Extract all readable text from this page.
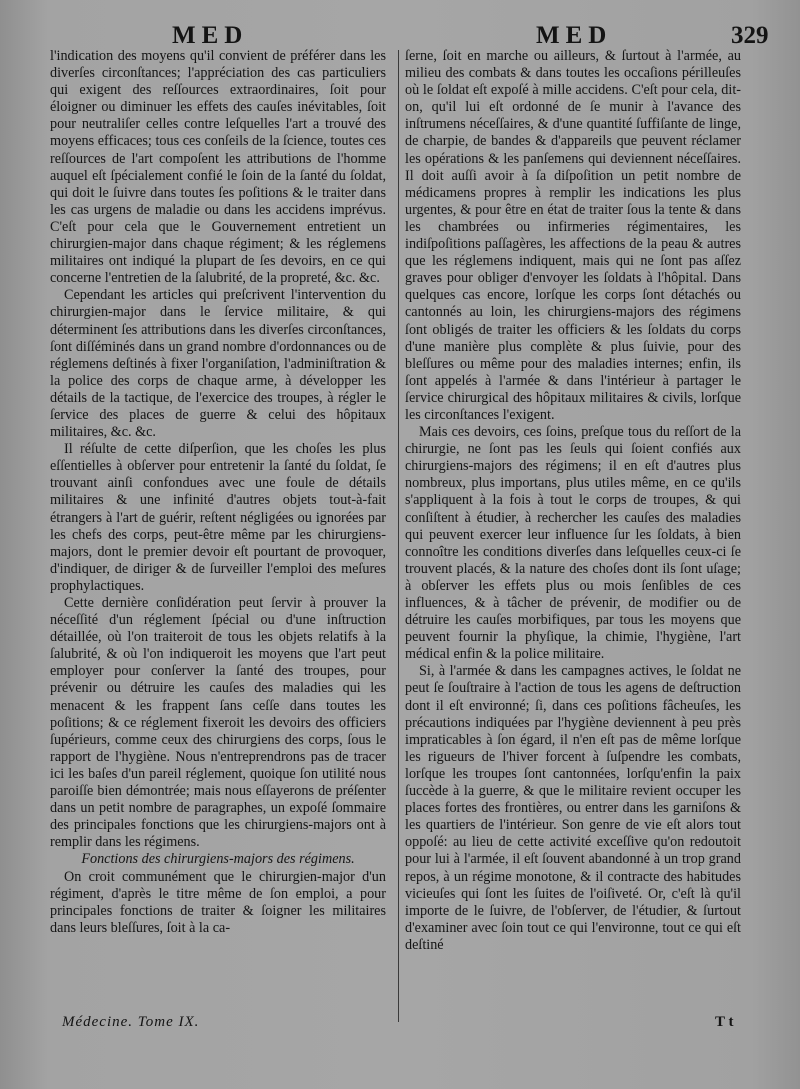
MED	MED	329

l'indication des moyens qu'il convient de préférer dans les diverſes circonſtances; l'appréciation des cas particuliers qui exigent des reſſources extraordinaires, ſoit pour éloigner ou diminuer les effets des cauſes inévitables, ſoit pour neutraliſer celles contre leſquelles l'art a trouvé des moyens efficaces; tous ces conſeils de la ſcience, toutes ces reſſources de l'art compoſent les attributions de l'homme auquel eſt ſpécialement confié le ſoin de la ſanté du ſoldat, qui doit le ſuivre dans toutes ſes poſitions & le traiter dans les cas urgens de maladie ou dans les accidens imprévus. C'eſt pour cela que le Gouvernement entretient un chirurgien-major dans chaque régiment; & les réglemens militaires ont indiqué la plupart de ſes devoirs, en ce qui concerne l'entretien de la ſalubrité, de la propreté, &c. &c.

Cependant les articles qui preſcrivent l'intervention du chirurgien-major dans le ſervice militaire, & qui déterminent ſes attributions dans les diverſes circonſtances, ſont diſſéminés dans un grand nombre d'ordonnances ou de réglemens deſtinés à fixer l'organiſation, l'adminiſtration & la police des corps de chaque arme, à développer les détails de la tactique, de l'exercice des troupes, à régler le ſervice des places de guerre & celui des hôpitaux militaires, &c. &c.

Il réſulte de cette diſperſion, que les choſes les plus eſſentielles à obſerver pour entretenir la ſanté du ſoldat, ſe trouvant ainſi confondues avec une foule de détails militaires & une infinité d'autres objets tout-à-fait étrangers à l'art de guérir, reſtent négligées ou ignorées par les chefs des corps, peut-être même par les chirurgiens-majors, dont le premier devoir eſt pourtant de provoquer, d'indiquer, de diriger & de ſurveiller l'emploi des meſures prophylactiques.

Cette dernière conſidération peut ſervir à prouver la néceſſité d'un réglement ſpécial ou d'une inſtruction détaillée, où l'on traiteroit de tous les objets relatifs à la ſalubrité, & où l'on indiqueroit les moyens que l'art peut employer pour conſerver la ſanté des troupes, pour prévenir ou détruire les cauſes des maladies qui les menacent & les frappent ſans ceſſe dans toutes les poſitions; & ce réglement fixeroit les devoirs des officiers ſupérieurs, comme ceux des chirurgiens des corps, ſous le rapport de l'hygiène. Nous n'entreprendrons pas de tracer ici les baſes d'un pareil réglement, quoique ſon utilité nous paroiſſe bien démontrée; mais nous eſſayerons de préſenter dans un petit nombre de paragraphes, un expoſé ſommaire des principales fonctions que les chirurgiens-majors ont à remplir dans les régimens.

Fonctions des chirurgiens-majors des régimens.

On croit communément que le chirurgien-major d'un régiment, d'après le titre même de ſon emploi, a pour principales fonctions de traiter & ſoigner les militaires dans leurs bleſſures, ſoit à la ca-

ſerne, ſoit en marche ou ailleurs, & ſurtout à l'armée, au milieu des combats & dans toutes les occaſions périlleuſes où le ſoldat eſt expoſé à mille accidens. C'eſt pour cela, dit-on, qu'il lui eſt ordonné de ſe munir à l'avance des inſtrumens néceſſaires, & d'une quantité ſuffiſante de linge, de charpie, de bandes & d'appareils que peuvent réclamer les opérations & les panſemens qui deviennent néceſſaires. Il doit auſſi avoir à ſa diſpoſition un petit nombre de médicamens propres à remplir les indications les plus urgentes, & pour être en état de traiter ſous la tente & dans les chambrées ou infirmeries régimentaires, les indiſpoſitions paſſagères, les affections de la peau & autres que les réglemens indiquent, mais qui ne ſont pas aſſez graves pour obliger d'envoyer les ſoldats à l'hôpital. Dans quelques cas encore, lorſque les corps ſont détachés ou cantonnés au loin, les chirurgiens-majors des régimens ſont obligés de traiter les officiers & les ſoldats du corps d'une manière plus complète & plus ſuivie, pour des bleſſures ou même pour des maladies internes; enfin, ils ſont appelés à l'armée & dans l'intérieur à partager le ſervice chirurgical des hôpitaux militaires & civils, lorſque les circonſtances l'exigent.

Mais ces devoirs, ces ſoins, preſque tous du reſſort de la chirurgie, ne ſont pas les ſeuls qui ſoient confiés aux chirurgiens-majors des régimens; il en eſt d'autres plus nombreux, plus importans, plus utiles même, en ce qu'ils s'appliquent à la fois à tout le corps de troupes, & qui conſiſtent à étudier, à rechercher les cauſes des maladies qui peuvent exercer leur influence ſur les ſoldats, à bien connoître les conditions diverſes dans leſquelles ceux-ci ſe trouvent placés, & la nature des choſes dont ils ſont uſage; à obſerver les effets plus ou mois ſenſibles de ces influences, & à tâcher de prévenir, de modifier ou de détruire les cauſes morbifiques, par tous les moyens que peuvent fournir la phyſique, la chimie, l'hygiène, l'art médical enfin & la police militaire.

Si, à l'armée & dans les campagnes actives, le ſoldat ne peut ſe ſouſtraire à l'action de tous les agens de deſtruction dont il eſt environné; ſi, dans ces poſitions fâcheuſes, les précautions indiquées par l'hygiène deviennent à peu près impraticables à ſon égard, il n'en eſt pas de même lorſque les rigueurs de l'hiver forcent à ſuſpendre les combats, lorſque les troupes ſont cantonnées, lorſqu'enfin la paix ſuccède à la guerre, & que le militaire revient occuper les places fortes des frontières, ou entrer dans les garniſons & les quartiers de l'intérieur. Son genre de vie eſt alors tout oppoſé: au lieu de cette activité exceſſive qu'on redoutoit pour lui à l'armée, il eſt ſouvent abandonné à un trop grand repos, à un régime monotone, & il contracte des habitudes vicieuſes qui ſont les ſuites de l'oiſiveté. Or, c'eſt là qu'il importe de le ſuivre, de l'obſerver, de l'étudier, & ſurtout d'examiner avec ſoin tout ce qui l'environne, tout ce qui eſt deſtiné

Médecine. Tome IX.	T t
